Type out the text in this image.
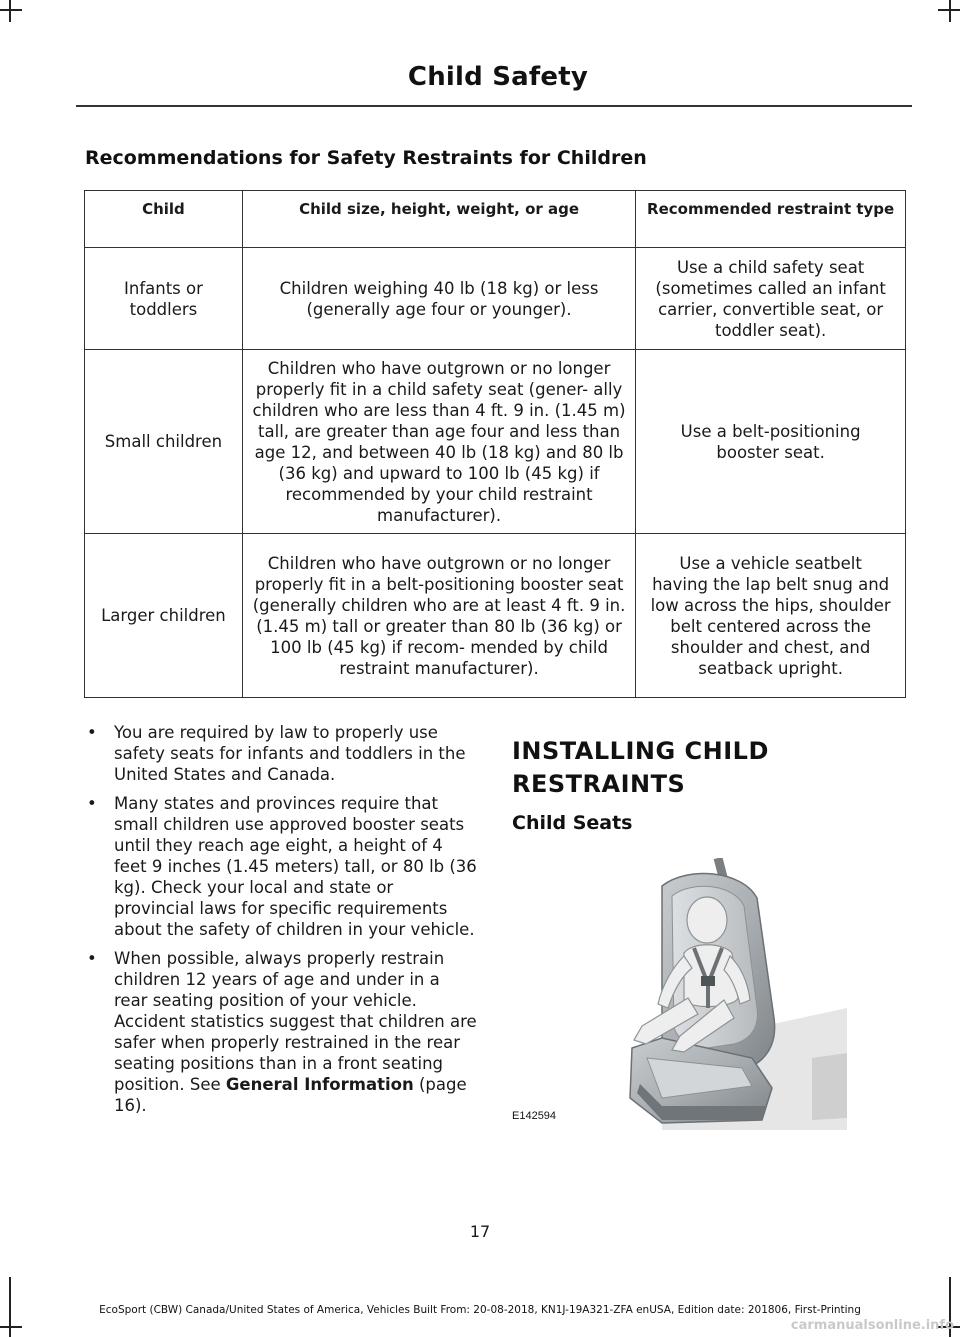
Child Safety
Recommendations for Safety Restraints for Children
Child	Child size, height, weight, or age	Recommended restraint type
Infants or toddlers	Children weighing 40 lb (18 kg) or less (generally age four or younger).	Use a child safety seat (sometimes called an infant carrier, convertible seat, or toddler seat).
Small children	Children who have outgrown or no longer properly fit in a child safety seat (gener- ally children who are less than 4 ft. 9 in. (1.45 m) tall, are greater than age four and less than age 12, and between 40 lb (18 kg) and 80 lb (36 kg) and upward to 100 lb (45 kg) if recommended by your child restraint manufacturer).	Use a belt-positioning booster seat.
Larger children	Children who have outgrown or no longer properly fit in a belt-positioning booster seat (generally children who are at least 4 ft. 9 in. (1.45 m) tall or greater than 80 lb (36 kg) or 100 lb (45 kg) if recom- mended by child restraint manufacturer).	Use a vehicle seatbelt having the lap belt snug and low across the hips, shoulder belt centered across the shoulder and chest, and seatback upright.
• You are required by law to properly use safety seats for infants and toddlers in the United States and Canada.
• Many states and provinces require that small children use approved booster seats until they reach age eight, a height of 4 feet 9 inches (1.45 meters) tall, or 80 lb (36 kg). Check your local and state or provincial laws for specific requirements about the safety of children in your vehicle.
• When possible, always properly restrain children 12 years of age and under in a rear seating position of your vehicle. Accident statistics suggest that children are safer when properly restrained in the rear seating positions than in a front seating position. See General Information (page 16).
INSTALLING CHILD RESTRAINTS
Child Seats
E142594
17
EcoSport (CBW) Canada/United States of America, Vehicles Built From: 20-08-2018, KN1J-19A321-ZFA enUSA, Edition date: 201806, First-Printing
carmanualsonline.info
